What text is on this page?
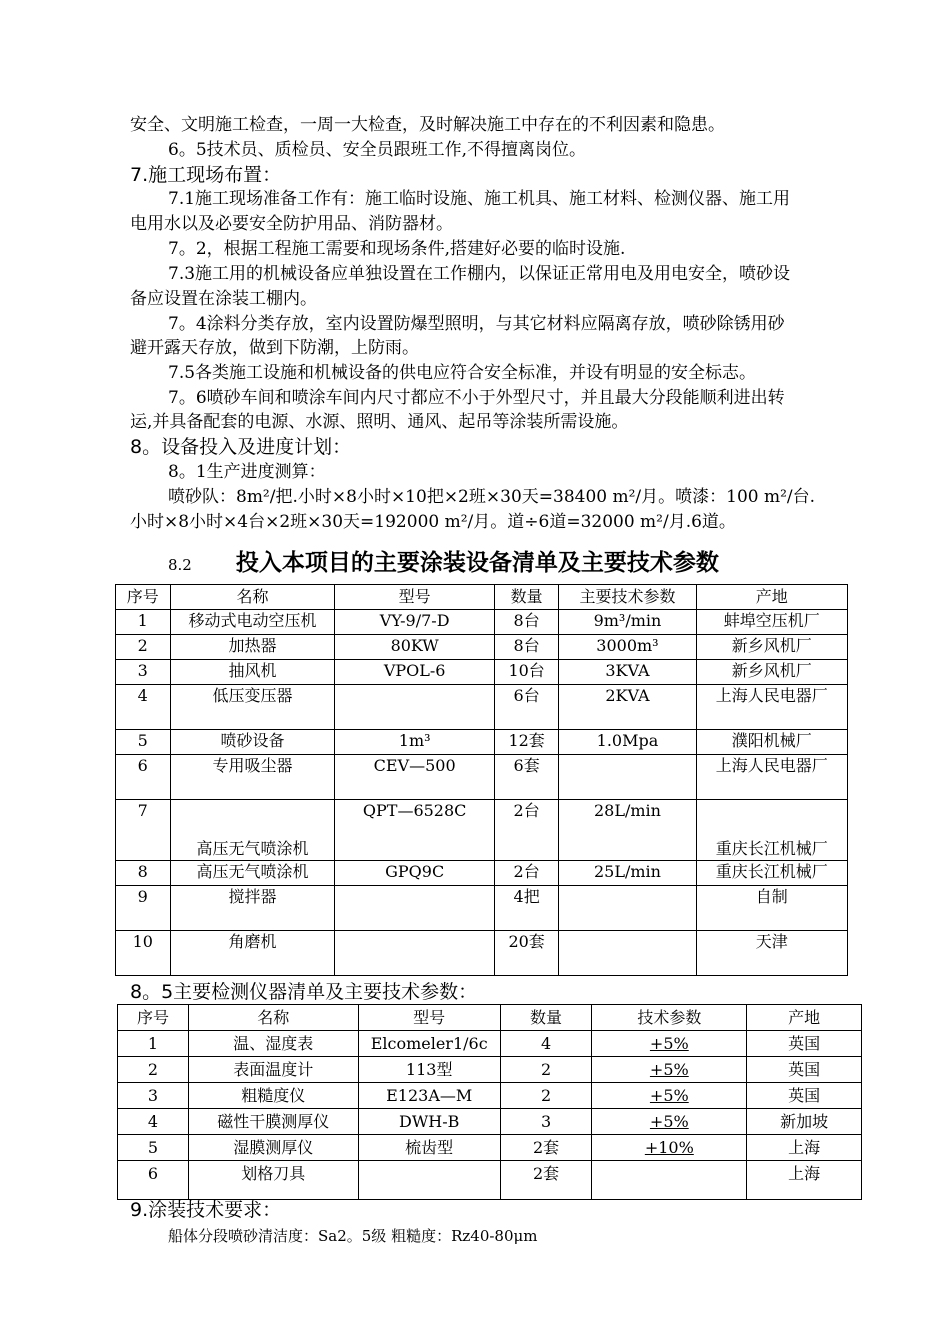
安全、文明施工检查，一周一大检查，及时解决施工中存在的不利因素和隐患。
6。5技术员、质检员、安全员跟班工作,不得擅离岗位。
7.施工现场布置：
7.1施工现场准备工作有：施工临时设施、施工机具、施工材料、检测仪器、施工用
电用水以及必要安全防护用品、消防器材。
7。2，根据工程施工需要和现场条件,搭建好必要的临时设施.
7.3施工用的机械设备应单独设置在工作棚内，以保证正常用电及用电安全，喷砂设
备应设置在涂装工棚内。
7。4涂料分类存放，室内设置防爆型照明，与其它材料应隔离存放，喷砂除锈用砂
避开露天存放，做到下防潮，上防雨。
7.5各类施工设施和机械设备的供电应符合安全标准，并设有明显的安全标志。
7。6喷砂车间和喷涂车间内尺寸都应不小于外型尺寸，并且最大分段能顺利进出转
运,并具备配套的电源、水源、照明、通风、起吊等涂装所需设施。
8。设备投入及进度计划：
8。1生产进度测算：
喷砂队：8m²/把.小时×8小时×10把×2班×30天=38400 m²/月。喷漆：100 m²/台.
小时×8小时×4台×2班×30天=192000 m²/月。道÷6道=32000 m²/月.6道。
8.2 投入本项目的主要涂装设备清单及主要技术参数
序号	名称	型号	数量	主要技术参数	产地
1	移动式电动空压机	VY-9/7-D	8台	9m³/min	蚌埠空压机厂
2	加热器	80KW	8台	3000m³	新乡风机厂
3	抽风机	VPOL-6	10台	3KVA	新乡风机厂
4	低压变压器		6台	2KVA	上海人民电器厂
5	喷砂设备	1m³	12套	1.0Mpa	濮阳机械厂
6	专用吸尘器	CEV—500	6套		上海人民电器厂
7	高压无气喷涂机	QPT—6528C	2台	28L/min	重庆长江机械厂
8	高压无气喷涂机	GPQ9C	2台	25L/min	重庆长江机械厂
9	搅拌器		4把		自制
10	角磨机		20套		天津
8。5主要检测仪器清单及主要技术参数：
序号	名称	型号	数量	技术参数	产地
1	温、湿度表	Elcomeler1/6c	4	+5%	英国
2	表面温度计	113型	2	+5%	英国
3	粗糙度仪	E123A—M	2	+5%	英国
4	磁性干膜测厚仪	DWH-B	3	+5%	新加坡
5	湿膜测厚仪	梳齿型	2套	+10%	上海
6	划格刀具		2套		上海
9.涂装技术要求：
船体分段喷砂清洁度：Sa2。5级 粗糙度：Rz40-80μm
